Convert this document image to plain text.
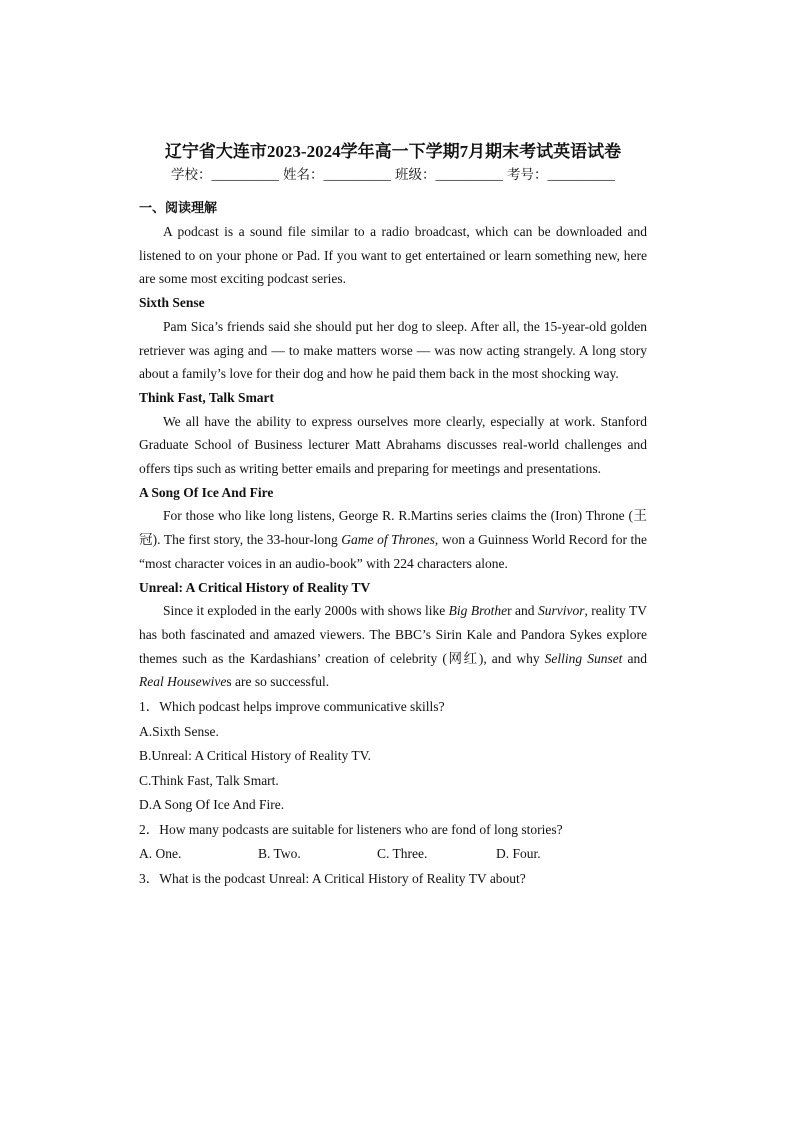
辽宁省大连市2023-2024学年高一下学期7月期末考试英语试卷
学校：__________ 姓名：__________ 班级：__________ 考号：__________
一、阅读理解

A podcast is a sound file similar to a radio broadcast, which can be downloaded and listened to on your phone or Pad. If you want to get entertained or learn something new, here are some most exciting podcast series.

Sixth Sense

Pam Sica’s friends said she should put her dog to sleep. After all, the 15-year-old golden retriever was aging and — to make matters worse — was now acting strangely. A long story about a family’s love for their dog and how he paid them back in the most shocking way.

Think Fast, Talk Smart

We all have the ability to express ourselves more clearly, especially at work. Stanford Graduate School of Business lecturer Matt Abrahams discusses real-world challenges and offers tips such as writing better emails and preparing for meetings and presentations.

A Song Of Ice And Fire

For those who like long listens, George R. R.Martins series claims the (Iron) Throne (王冠). The first story, the 33-hour-long Game of Thrones, won a Guinness World Record for the “most character voices in an audio-book” with 224 characters alone.

Unreal: A Critical History of Reality TV

Since it exploded in the early 2000s with shows like Big Brother and Survivor, reality TV has both fascinated and amazed viewers. The BBC’s Sirin Kale and Pandora Sykes explore themes such as the Kardashians’ creation of celebrity (网红), and why Selling Sunset and Real Housewives are so successful.

1．Which podcast helps improve communicative skills?
A.Sixth Sense.
B.Unreal: A Critical History of Reality TV.
C.Think Fast, Talk Smart.
D.A Song Of Ice And Fire.
2．How many podcasts are suitable for listeners who are fond of long stories?
A. One.	B. Two.	C. Three.	D. Four.
3．What is the podcast Unreal: A Critical History of Reality TV about?
